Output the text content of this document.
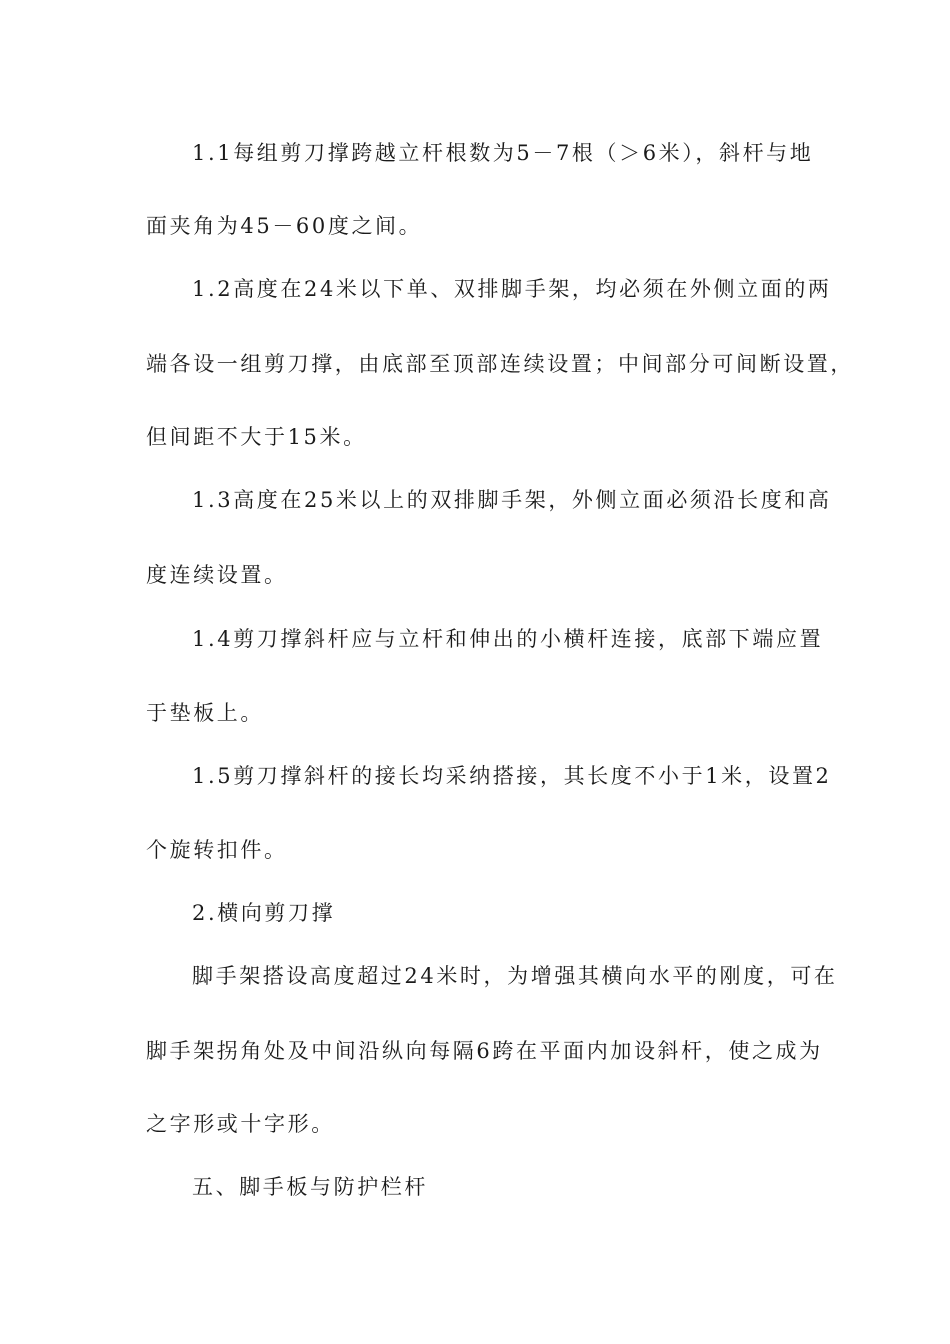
1.1每组剪刀撑跨越立杆根数为5－7根（＞6米），斜杆与地
面夹角为45－60度之间。
1.2高度在24米以下单、双排脚手架，均必须在外侧立面的两
端各设一组剪刀撑，由底部至顶部连续设置；中间部分可间断设置，
但间距不大于15米。
1.3高度在25米以上的双排脚手架，外侧立面必须沿长度和高
度连续设置。
1.4剪刀撑斜杆应与立杆和伸出的小横杆连接，底部下端应置
于垫板上。
1.5剪刀撑斜杆的接长均采纳搭接，其长度不小于1米，设置2
个旋转扣件。
2.横向剪刀撑
脚手架搭设高度超过24米时，为增强其横向水平的刚度，可在
脚手架拐角处及中间沿纵向每隔6跨在平面内加设斜杆，使之成为
之字形或十字形。
五、脚手板与防护栏杆
